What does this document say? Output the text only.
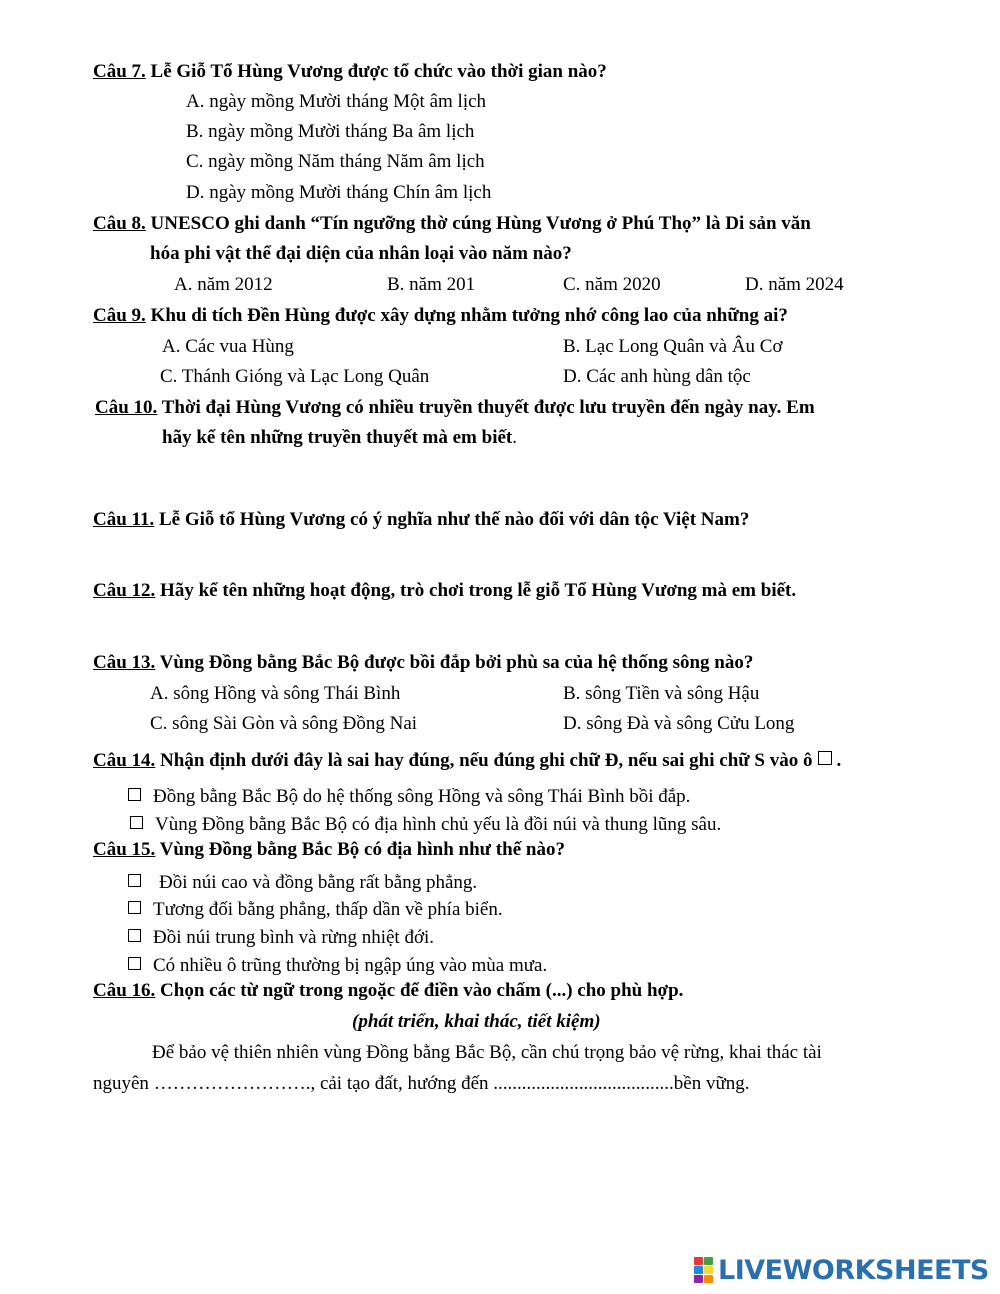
Câu 7. Lễ Giỗ Tổ Hùng Vương được tổ chức vào thời gian nào?
A. ngày mồng Mười tháng Một âm lịch
B. ngày mồng Mười tháng Ba âm lịch
C. ngày mồng Năm tháng Năm âm lịch
D. ngày mồng Mười tháng Chín âm lịch
Câu 8. UNESCO ghi danh “Tín ngưỡng thờ cúng Hùng Vương ở Phú Thọ” là Di sản văn
hóa phi vật thể đại diện của nhân loại vào năm nào?
A. năm 2012	B. năm 201	C. năm 2020	D. năm 2024
Câu 9. Khu di tích Đền Hùng được xây dựng nhằm tưởng nhớ công lao của những ai?
A. Các vua Hùng	B. Lạc Long Quân và Âu Cơ
C. Thánh Gióng và Lạc Long Quân	D. Các anh hùng dân tộc
Câu 10. Thời đại Hùng Vương có nhiều truyền thuyết được lưu truyền đến ngày nay. Em
hãy kể tên những truyền thuyết mà em biết.
Câu 11. Lễ Giỗ tổ Hùng Vương có ý nghĩa như thế nào đối với dân tộc Việt Nam?
Câu 12. Hãy kể tên những hoạt động, trò chơi trong lễ giỗ Tổ Hùng Vương mà em biết.
Câu 13. Vùng Đồng bằng Bắc Bộ được bồi đắp bởi phù sa của hệ thống sông nào?
A. sông Hồng và sông Thái Bình	B. sông Tiền và sông Hậu
C. sông Sài Gòn và sông Đồng Nai	D. sông Đà và sông Cửu Long
Câu 14. Nhận định dưới đây là sai hay đúng, nếu đúng ghi chữ Đ, nếu sai ghi chữ S vào ô .
Đồng bằng Bắc Bộ do hệ thống sông Hồng và sông Thái Bình bồi đắp.
Vùng Đồng bằng Bắc Bộ có địa hình chủ yếu là đồi núi và thung lũng sâu.
Câu 15. Vùng Đồng bằng Bắc Bộ có địa hình như thế nào?
Đồi núi cao và đồng bằng rất bằng phẳng.
Tương đối bằng phẳng, thấp dần về phía biển.
Đồi núi trung bình và rừng nhiệt đới.
Có nhiều ô trũng thường bị ngập úng vào mùa mưa.
Câu 16. Chọn các từ ngữ trong ngoặc để điền vào chấm (...) cho phù hợp.
(phát triển, khai thác, tiết kiệm)
Để bảo vệ thiên nhiên vùng Đồng bằng Bắc Bộ, cần chú trọng bảo vệ rừng, khai thác tài
nguyên ……………………., cải tạo đất, hướng đến ......................................bền vững.
LIVEWORKSHEETS
